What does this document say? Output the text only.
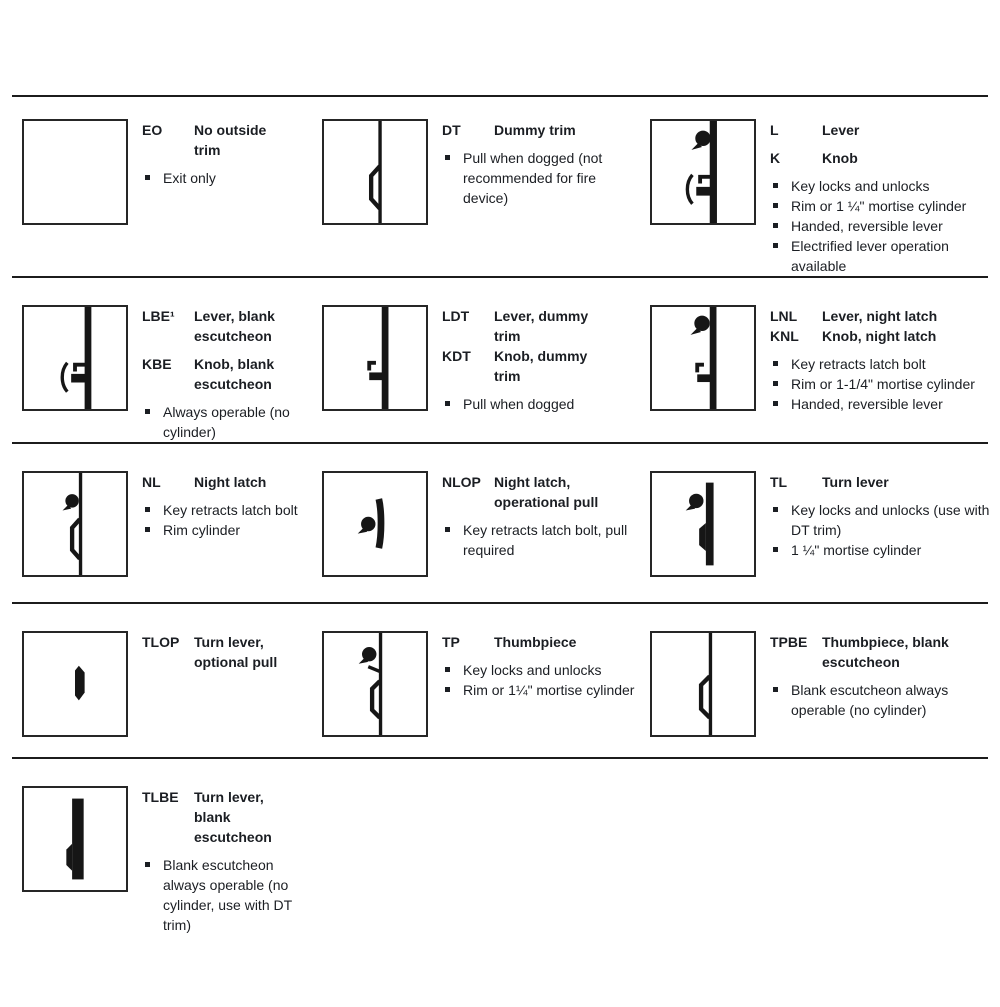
EO	No outside trim
Exit only
DT	Dummy trim
Pull when dogged (not recommended for fire device)
L	Lever
K	Knob
Key locks and unlocks
Rim or 1 ¼" mortise cylinder
Handed, reversible lever
Electrified lever operation available
LBE¹	Lever, blank escutcheon
KBE	Knob, blank escutcheon
Always operable (no cylinder)
LDT	Lever, dummy trim
KDT	Knob, dummy trim
Pull when dogged
LNL	Lever, night latch
KNL	Knob, night latch
Key retracts latch bolt
Rim or 1-1/4" mortise cylinder
Handed, reversible lever
NL	Night latch
Key retracts latch bolt
Rim cylinder
NLOP Night latch, operational pull
Key retracts latch bolt, pull required
TL	Turn lever
Key locks and unlocks (use with DT trim)
1 ¼" mortise cylinder
TLOP	Turn lever, optional pull
TP	Thumbpiece
Key locks and unlocks
Rim or 1¼" mortise cylinder
TPBE	Thumbpiece, blank escutcheon
Blank escutcheon always operable (no cylinder)
TLBE	Turn lever, blank escutcheon
Blank escutcheon always operable (no cylinder, use with DT trim)
